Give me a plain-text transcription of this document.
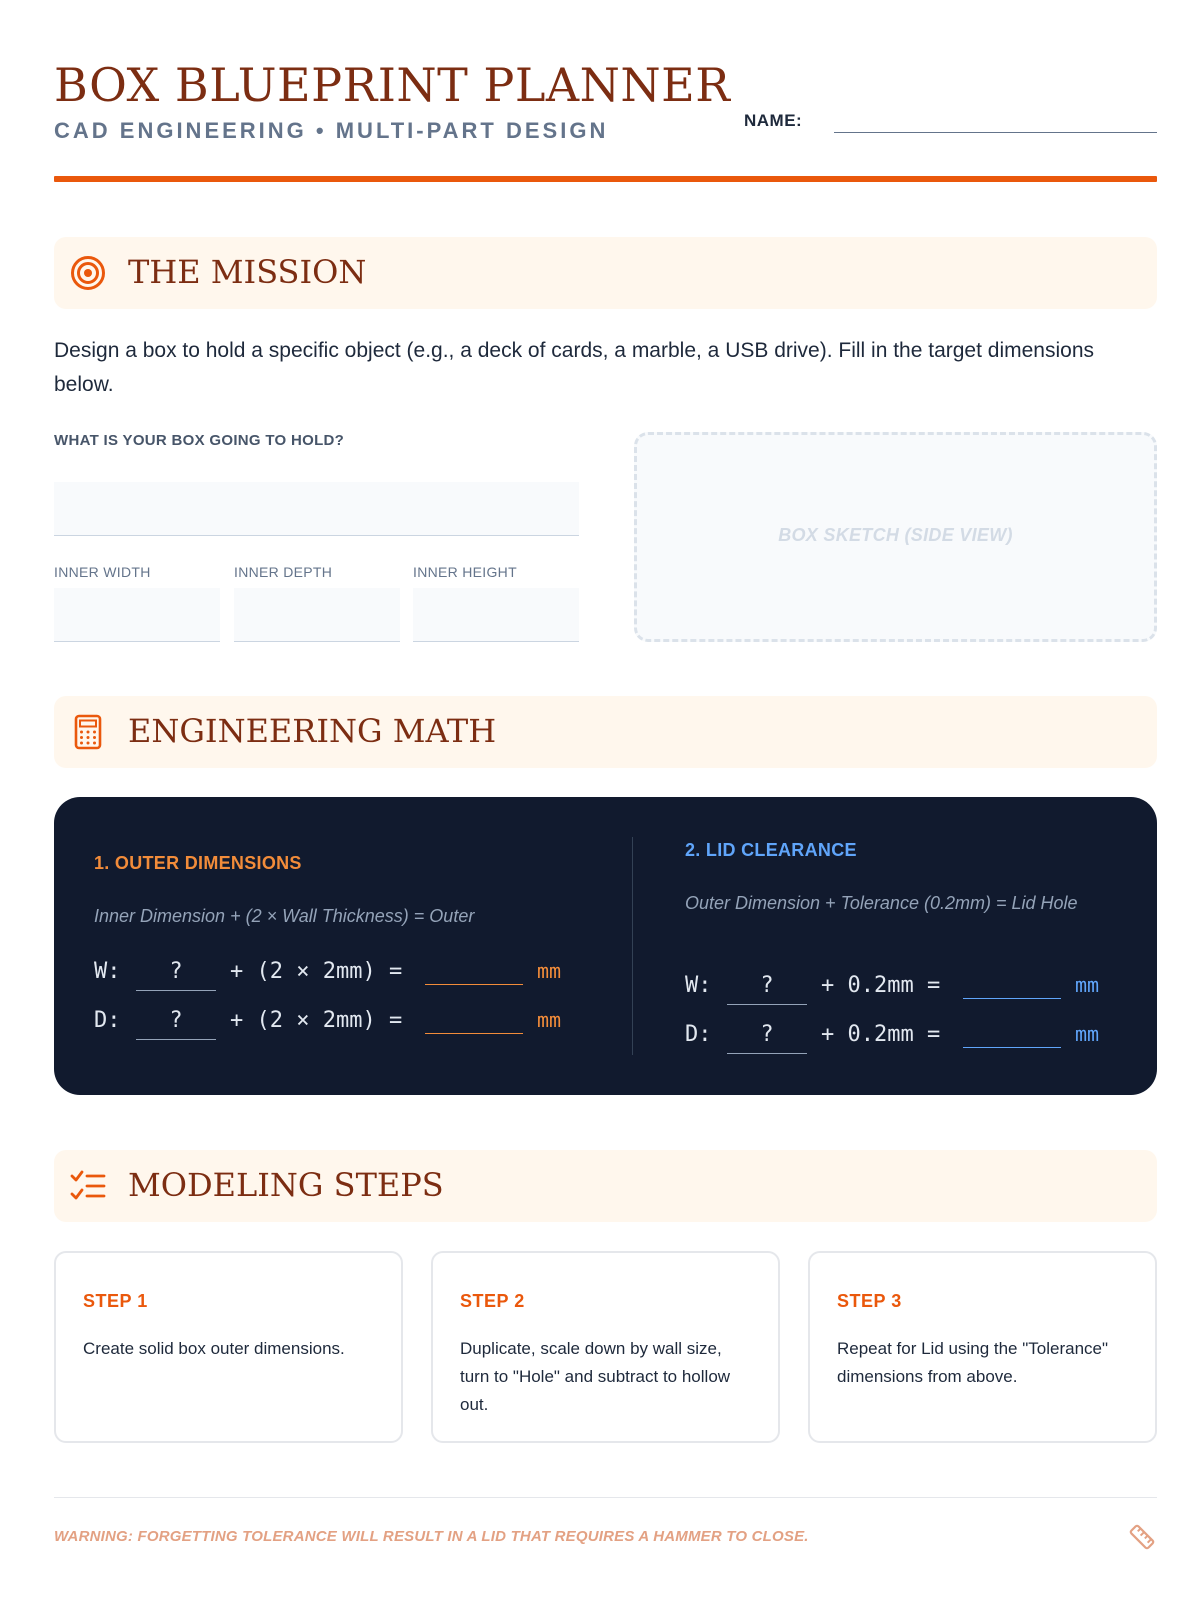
BOX BLUEPRINT PLANNER
CAD ENGINEERING • MULTI-PART DESIGN	NAME:
THE MISSION
Design a box to hold a specific object (e.g., a deck of cards, a marble, a USB drive). Fill in the target dimensions below.
WHAT IS YOUR BOX GOING TO HOLD?
INNER WIDTH	INNER DEPTH	INNER HEIGHT
BOX SKETCH (SIDE VIEW)
ENGINEERING MATH
1. OUTER DIMENSIONS
Inner Dimension + (2 × Wall Thickness) = Outer
W:	?	+ (2 × 2mm) =	mm
D:	?	+ (2 × 2mm) =	mm
2. LID CLEARANCE
Outer Dimension + Tolerance (0.2mm) = Lid Hole
W:	?	+ 0.2mm =	mm
D:	?	+ 0.2mm =	mm
MODELING STEPS
STEP 1
Create solid box outer dimensions.
STEP 2
Duplicate, scale down by wall size, turn to "Hole" and subtract to hollow out.
STEP 3
Repeat for Lid using the "Tolerance" dimensions from above.
WARNING: FORGETTING TOLERANCE WILL RESULT IN A LID THAT REQUIRES A HAMMER TO CLOSE.
